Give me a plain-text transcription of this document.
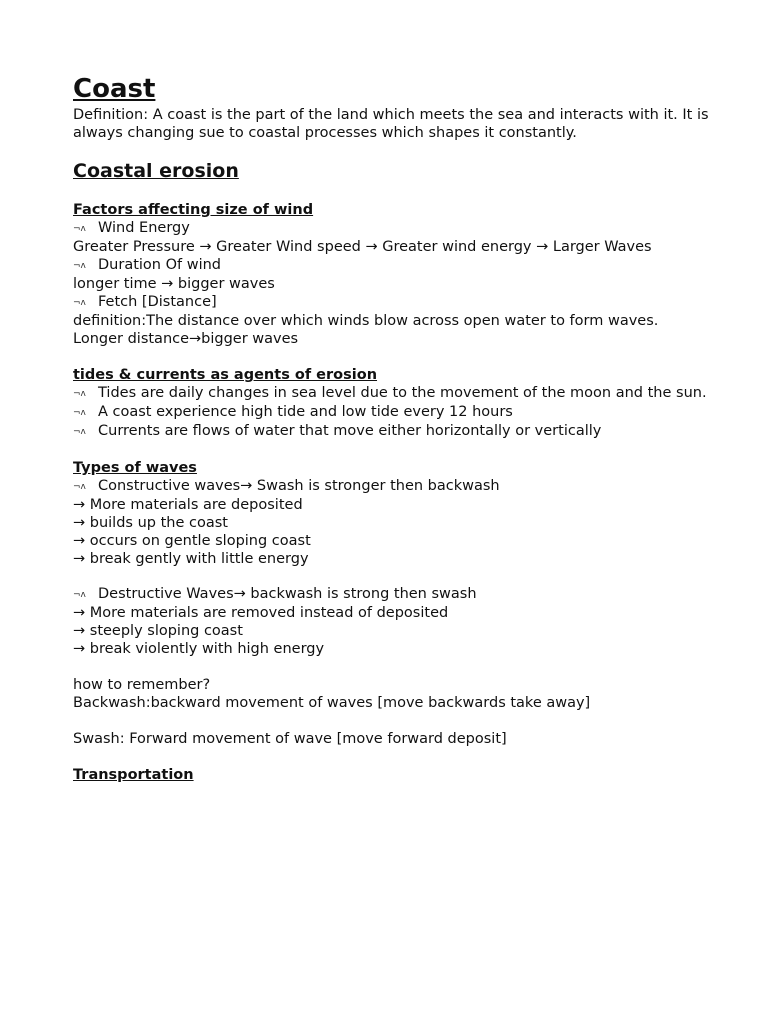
Coast

Definition: A coast is the part of the land which meets the sea and interacts with it. It is always changing sue to coastal processes which shapes it constantly.

Coastal erosion
Factors affecting size of wind

¬ʌ Wind Energy

Greater Pressure → Greater Wind speed → Greater wind energy → Larger Waves

¬ʌ Duration Of wind

longer time → bigger waves

¬ʌ Fetch [Distance]

definition:The distance over which winds blow across open water to form waves.

Longer distance→bigger waves

tides & currents as agents of erosion

¬ʌ Tides are daily changes in sea level due to the movement of the moon and the sun.

¬ʌ A coast experience high tide and low tide every 12 hours

¬ʌ Currents are flows of water that move either horizontally or vertically

Types of waves

¬ʌ Constructive waves→ Swash is stronger then backwash

→ More materials are deposited

→ builds up the coast

→ occurs on gentle sloping coast

→ break gently with little energy

¬ʌ Destructive Waves→ backwash is strong then swash

→ More materials are removed instead of deposited

→ steeply sloping coast

→ break violently with high energy

how to remember?

Backwash:backward movement of waves [move backwards take away]

Swash: Forward movement of wave [move forward deposit]

Transportation
